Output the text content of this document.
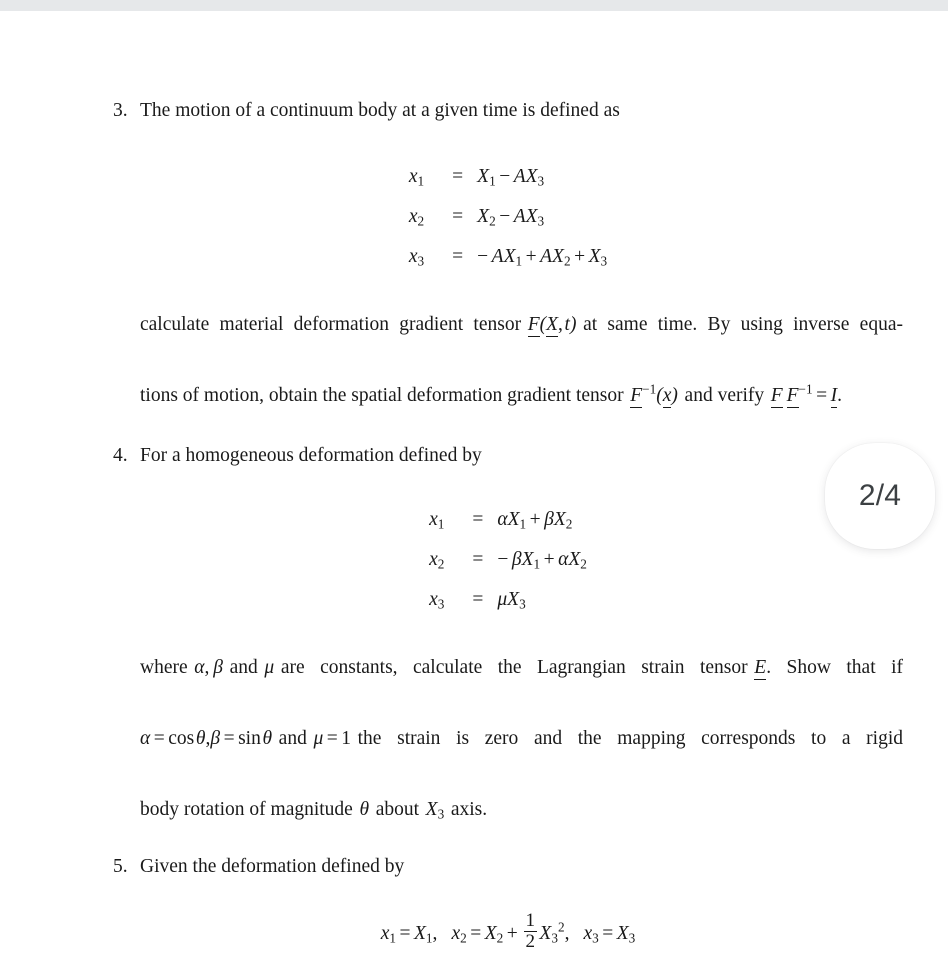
3. The motion of a continuum body at a given time is defined as
$x_1$	=	$X_1 - AX_3$
$x_2$	=	$X_2 - AX_3$
$x_3$	=	− $AX_1 + AX_2 + X_3$
calculate material deformation gradient tensor F(X, t) at same time. By using inverse equa-
tions of motion, obtain the spatial deformation gradient tensor $F^{-1}(x)$ and verify F  $F^{-1} = I$.
4. For a homogeneous deformation defined by
$x_1$	=	$\alpha X_1 + \beta X_2$
$x_2$	=	− $\beta X_1 + \alpha X_2$
$x_3$	=	$\mu X_3$
where α, β and μ are constants, calculate the Lagrangian strain tensor E. Show that if
α = cos θ,β = sin θ and μ = 1 the strain is zero and the mapping corresponds to a rigid
body rotation of magnitude θ about $X_3$ axis.
5. Given the deformation defined by
$x_1 = X_1$, $x_2 = X_2 + \frac{1}{2} X_3^2$, $x_3 = X_3$
2/4
